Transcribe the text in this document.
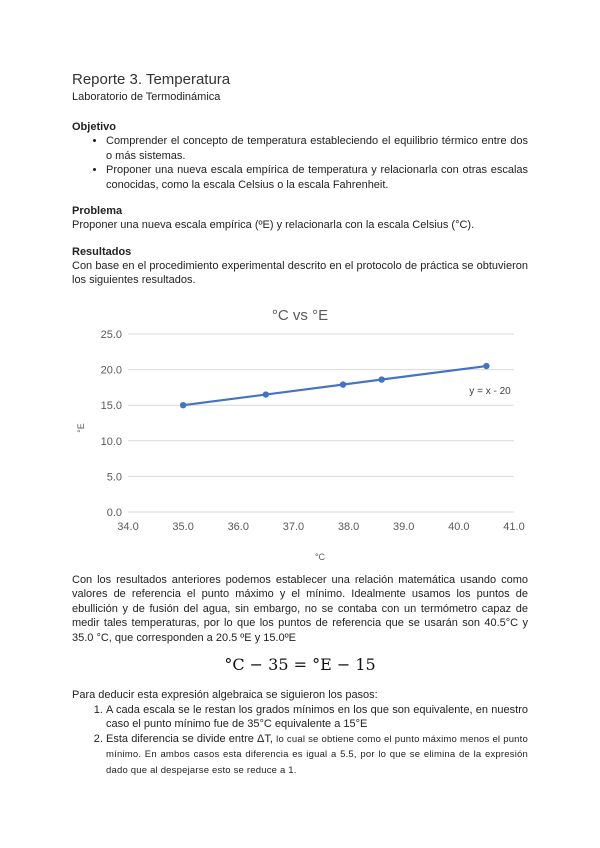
Reporte 3. Temperatura

Laboratorio de Termodinámica

Objetivo

• Comprender el concepto de temperatura estableciendo el equilibrio térmico entre dos o más sistemas.
• Proponer una nueva escala empírica de temperatura y relacionarla con otras escalas conocidas, como la escala Celsius o la escala Fahrenheit.

Problema

Proponer una nueva escala empírica (ºE) y relacionarla con la escala Celsius (°C).

Resultados

Con base en el procedimiento experimental descrito en el protocolo de práctica se obtuvieron los siguientes resultados.

°C vs °E
0.0
5.0
10.0
15.0
20.0
25.0
34.0	35.0	36.0	37.0	38.0	39.0	40.0	41.0
y = x - 20
°E
°C

Con los resultados anteriores podemos establecer una relación matemática usando como valores de referencia el punto máximo y el mínimo. Idealmente usamos los puntos de ebullición y de fusión del agua, sin embargo, no se contaba con un termómetro capaz de medir tales temperaturas, por lo que los puntos de referencia que se usarán son 40.5°C y 35.0 °C, que corresponden a 20.5 ºE y 15.0ºE

°C − 35 = °E − 15

Para deducir esta expresión algebraica se siguieron los pasos:

1. A cada escala se le restan los grados mínimos en los que son equivalente, en nuestro caso el punto mínimo fue de 35°C equivalente a 15°E
2. Esta diferencia se divide entre ΔT, lo cual se obtiene como el punto máximo menos el punto mínimo. En ambos casos esta diferencia es igual a 5.5, por lo que se elimina de la expresión dado que al despejarse esto se reduce a 1.
